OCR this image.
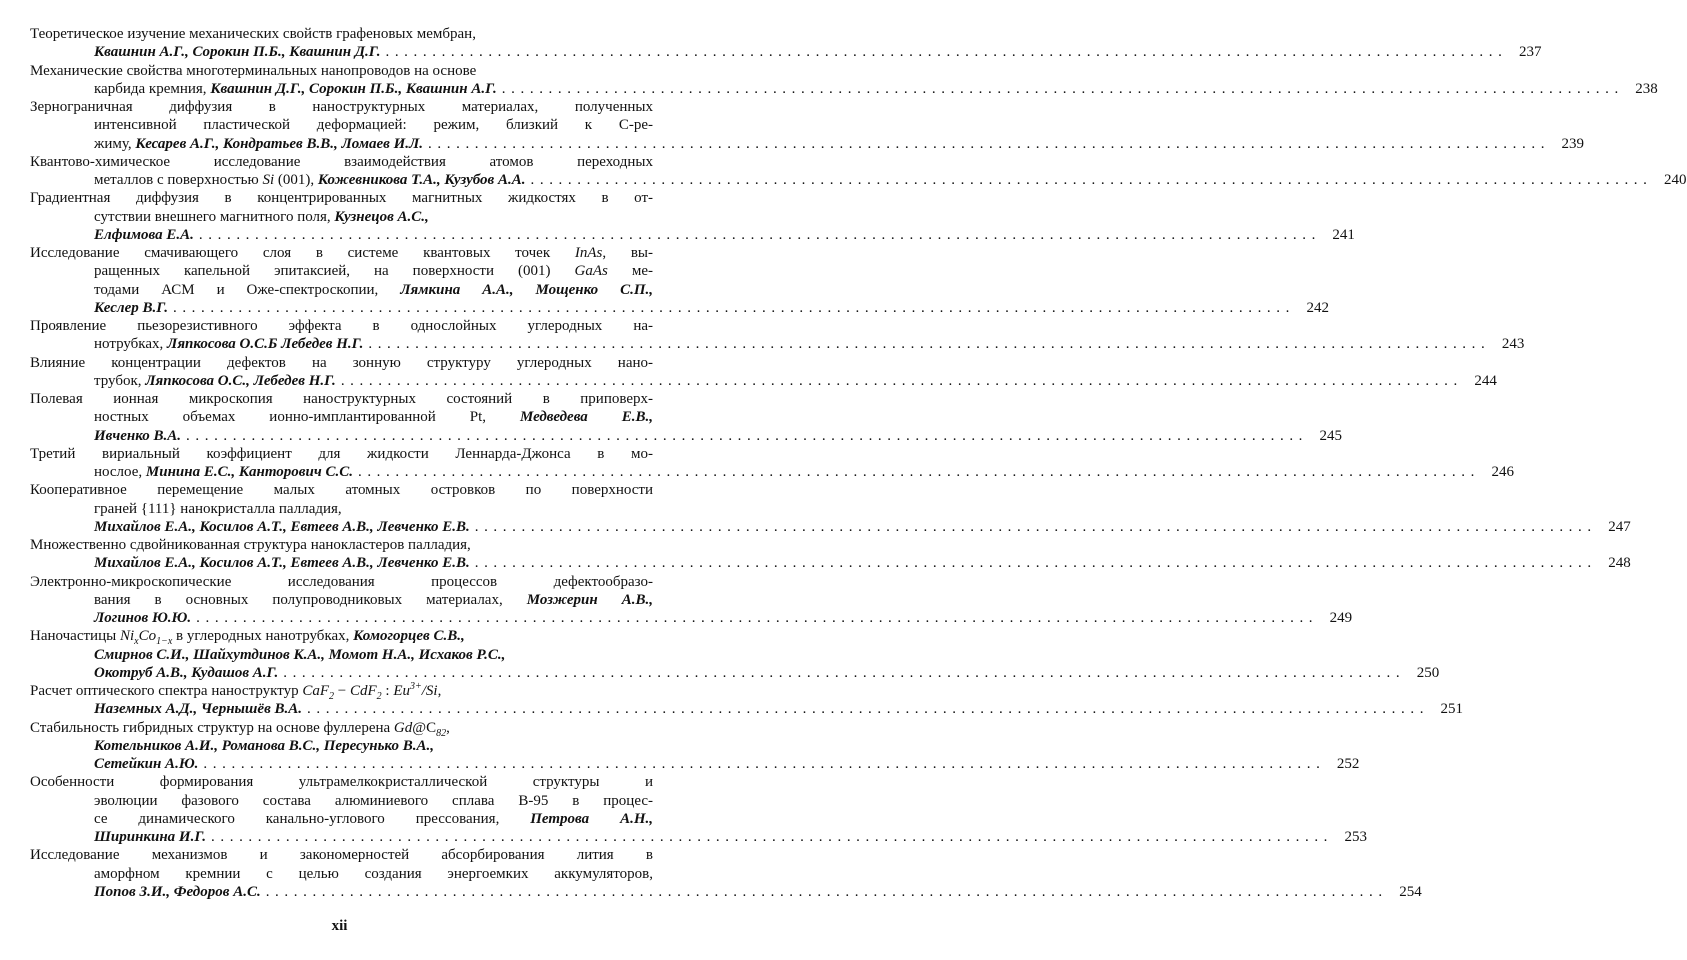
Теоретическое изучение механических свойств графеновых мембран,
Квашнин А.Г., Сорокин П.Б., Квашнин Д.Г. ........................................................................................................................ 237
Механические свойства многотерминальных нанопроводов на основе
карбида кремния, Квашнин Д.Г., Сорокин П.Б., Квашнин А.Г. ........................................................................................................................ 238
Зернограничная диффузия в наноструктурных материалах, полученных
интенсивной пластической деформацией: режим, близкий к C-ре-
жиму, Кесарев А.Г., Кондратьев В.В., Ломаев И.Л. ........................................................................................................................ 239
Квантово-химическое исследование взаимодействия атомов переходных
металлов с поверхностью Si (001), Кожевникова Т.А., Кузубов А.А. ........................................................................................................................ 240
Градиентная диффузия в концентрированных магнитных жидкостях в от-
сутствии внешнего магнитного поля, Кузнецов А.С.,
Елфимова Е.А. ........................................................................................................................ 241
Исследование смачивающего слоя в системе квантовых точек InAs, вы-
ращенных капельной эпитаксией, на поверхности (001) GaAs ме-
тодами АСМ и Оже-спектроскопии, Лямкина А.А., Мощенко С.П.,
Кеслер В.Г. ........................................................................................................................ 242
Проявление пьезорезистивного эффекта в однослойных углеродных на-
нотрубках, Ляпкосова О.С.Б Лебедев Н.Г. ........................................................................................................................ 243
Влияние концентрации дефектов на зонную структуру углеродных нано-
трубок, Ляпкосова О.С., Лебедев Н.Г. ........................................................................................................................ 244
Полевая ионная микроскопия наноструктурных состояний в приповерх-
ностных объемах ионно-имплантированной Pt, Медведева Е.В.,
Ивченко В.А. ........................................................................................................................ 245
Третий вириальный коэффициент для жидкости Леннарда-Джонса в мо-
нослое, Минина Е.С., Канторович С.С. ........................................................................................................................ 246
Кооперативное перемещение малых атомных островков по поверхности
граней {111} нанокристалла палладия,
Михайлов Е.А., Косилов А.Т., Евтеев А.В., Левченко Е.В. ........................................................................................................................ 247
Множественно сдвойникованная структура нанокластеров палладия,
Михайлов Е.А., Косилов А.Т., Евтеев А.В., Левченко Е.В. ........................................................................................................................ 248
Электронно-микроскопические исследования процессов дефектообразо-
вания в основных полупроводниковых материалах, Мозжерин А.В.,
Логинов Ю.Ю. ........................................................................................................................ 249
Наночастицы $Ni_xCo_{1-x}$ в углеродных нанотрубках, Комогорцев С.В.,
Смирнов С.И., Шайхутдинов К.А., Момот Н.А., Исхаков Р.С.,
Окотруб А.В., Кудашов А.Г. ........................................................................................................................ 250
Расчет оптического спектра наноструктур CaF$_2$ − CdF$_2$ : $Eu^{3+}/Si$,
Наземных А.Д., Чернышёв В.А. ........................................................................................................................ 251
Стабильность гибридных структур на основе фуллерена $Gd@C_{82}$,
Котельников А.И., Романова В.С., Пересунько В.А.,
Сетейкин А.Ю. ........................................................................................................................ 252
Особенности формирования ультрамелкокристаллической структуры и
эволюции фазового состава алюминиевого сплава В-95 в процес-
се динамического канально-углового прессования, Петрова А.Н.,
Ширинкина И.Г. ........................................................................................................................ 253
Исследование механизмов и закономерностей абсорбирования лития в
аморфном кремнии с целью создания энергоемких аккумуляторов,
Попов З.И., Федоров А.С. ........................................................................................................................ 254
xii
